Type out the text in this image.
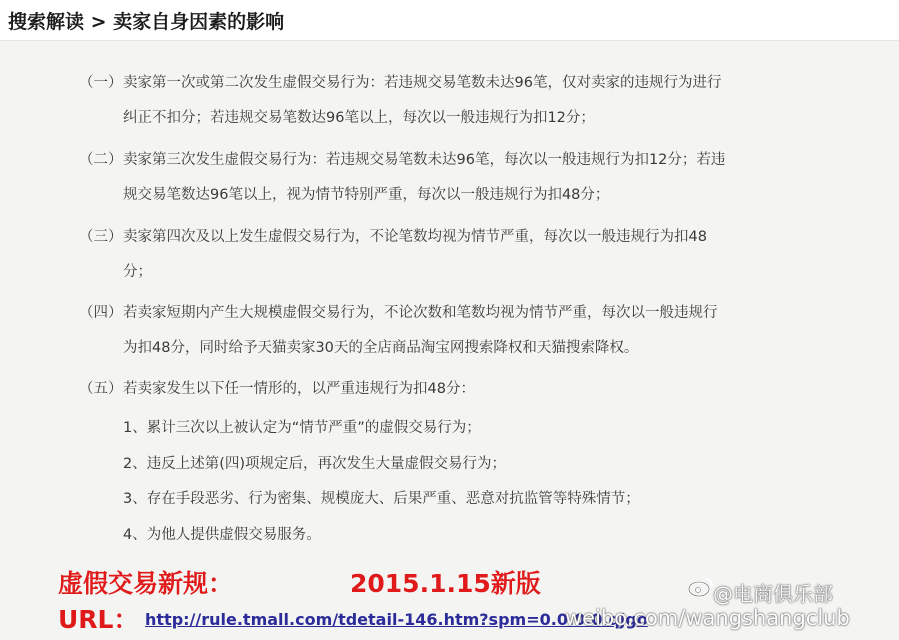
搜索解读 > 卖家自身因素的影响
（一） 卖家第一次或第二次发生虚假交易行为：若违规交易笔数未达96笔，仅对卖家的违规行为进行
纠正不扣分；若违规交易笔数达96笔以上，每次以一般违规行为扣12分；
（二） 卖家第三次发生虚假交易行为：若违规交易笔数未达96笔，每次以一般违规行为扣12分；若违
规交易笔数达96笔以上，视为情节特别严重，每次以一般违规行为扣48分；
（三） 卖家第四次及以上发生虚假交易行为，不论笔数均视为情节严重，每次以一般违规行为扣48
分；
（四） 若卖家短期内产生大规模虚假交易行为，不论次数和笔数均视为情节严重，每次以一般违规行
为扣48分，同时给予天猫卖家30天的全店商品淘宝网搜索降权和天猫搜索降权。
（五） 若卖家发生以下任一情形的，以严重违规行为扣48分：
1、累计三次以上被认定为“情节严重”的虚假交易行为；
2、违反上述第(四)项规定后，再次发生大量虚假交易行为；
3、存在手段恶劣、行为密集、规模庞大、后果严重、恶意对抗监管等特殊情节；
4、为他人提供虚假交易服务。
虚假交易新规：	2015.1.15新版
URL： http://rule.tmall.com/tdetail-146.htm?spm=0.0.0.0.qjgo
@电商俱乐部
weibo.com/wangshangclub
